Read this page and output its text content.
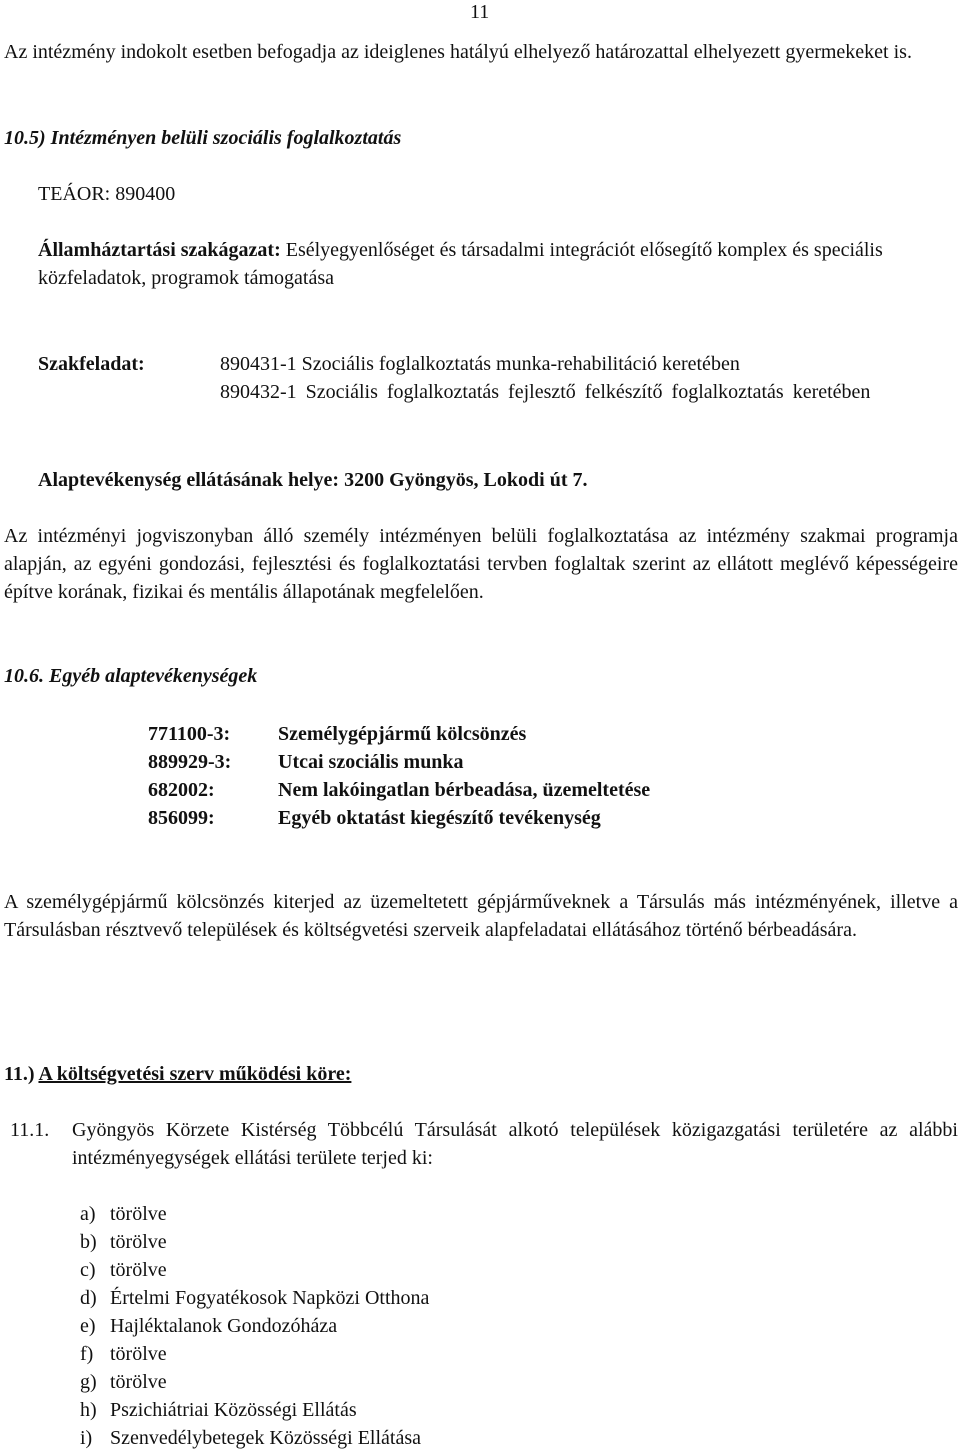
11
Az intézmény indokolt esetben befogadja az ideiglenes hatályú elhelyező határozattal elhelyezett gyermekeket is.
10.5) Intézményen belüli szociális foglalkoztatás
TEÁOR: 890400
Államháztartási szakágazat: Esélyegyenlőséget és társadalmi integrációt elősegítő komplex és speciális közfeladatok, programok támogatása
Szakfeladat:	890431-1 Szociális foglalkoztatás munka-rehabilitáció keretében
890432-1 Szociális foglalkoztatás fejlesztő felkészítő foglalkoztatás keretében
Alaptevékenység ellátásának helye: 3200 Gyöngyös, Lokodi út 7.
Az intézményi jogviszonyban álló személy intézményen belüli foglalkoztatása az intézmény szakmai programja alapján, az egyéni gondozási, fejlesztési és foglalkoztatási tervben foglaltak szerint az ellátott meglévő képességeire építve korának, fizikai és mentális állapotának megfelelően.
10.6. Egyéb alaptevékenységek
771100-3: Személygépjármű kölcsönzés
889929-3: Utcai szociális munka
682002:	Nem lakóingatlan bérbeadása, üzemeltetése
856099:	Egyéb oktatást kiegészítő tevékenység
A személygépjármű kölcsönzés kiterjed az üzemeltetett gépjárműveknek a Társulás más intézményének, illetve a Társulásban résztvevő települések és költségvetési szerveik alapfeladatai ellátásához történő bérbeadására.
11.) A költségvetési szerv működési köre:
11.1. Gyöngyös Körzete Kistérség Többcélú Társulását alkotó települések közigazgatási területére az alábbi intézményegységek ellátási területe terjed ki:
a) törölve
b) törölve
c) törölve
d) Értelmi Fogyatékosok Napközi Otthona
e) Hajléktalanok Gondozóháza
f) törölve
g) törölve
h) Pszichiátriai Közösségi Ellátás
i) Szenvedélybetegek Közösségi Ellátása
